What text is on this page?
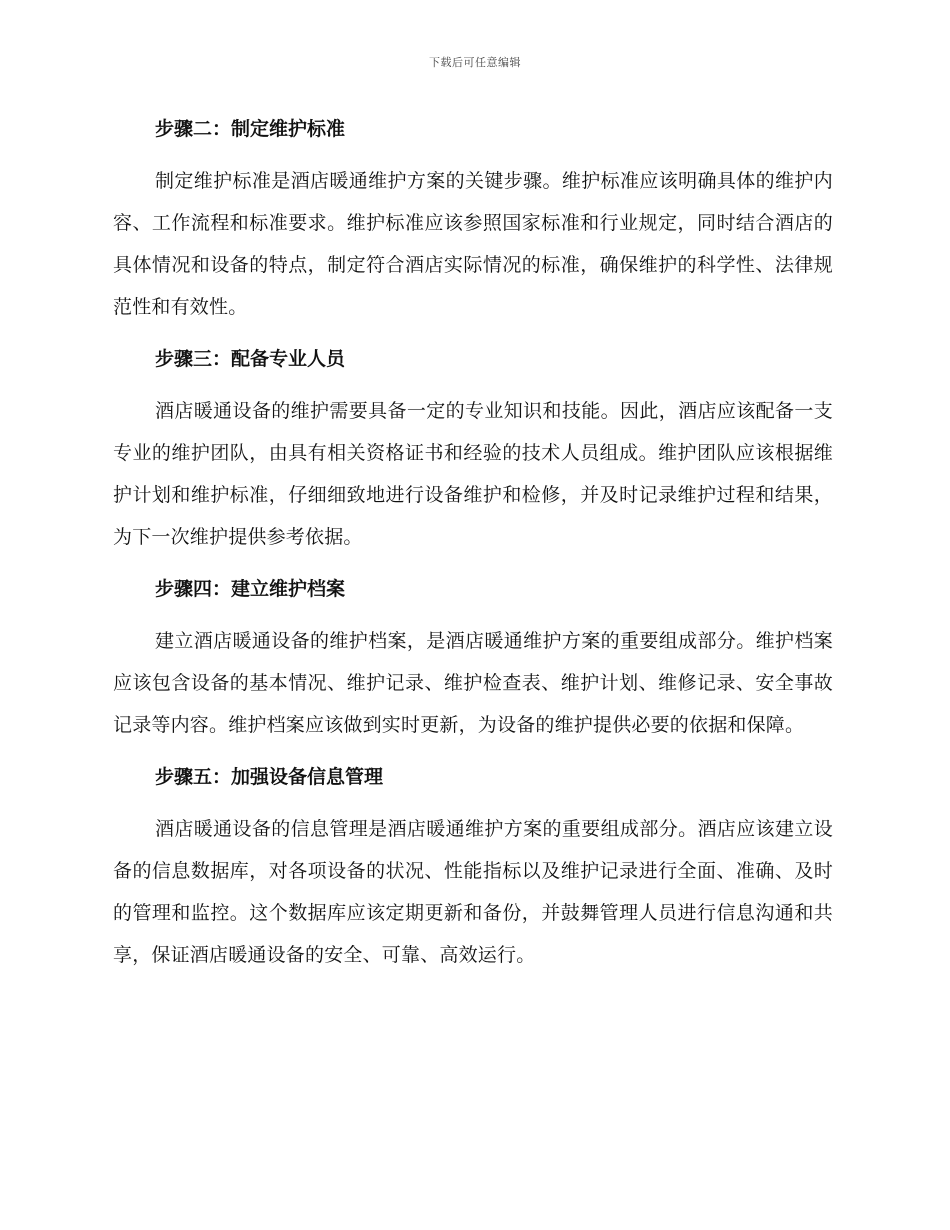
下载后可任意编辑
步骤二：制定维护标准

制定维护标准是酒店暖通维护方案的关键步骤。维护标准应该明确具体的维护内容、工作流程和标准要求。维护标准应该参照国家标准和行业规定，同时结合酒店的具体情况和设备的特点，制定符合酒店实际情况的标准，确保维护的科学性、法律规范性和有效性。

步骤三：配备专业人员

酒店暖通设备的维护需要具备一定的专业知识和技能。因此，酒店应该配备一支专业的维护团队，由具有相关资格证书和经验的技术人员组成。维护团队应该根据维护计划和维护标准，仔细细致地进行设备维护和检修，并及时记录维护过程和结果，为下一次维护提供参考依据。

步骤四：建立维护档案

建立酒店暖通设备的维护档案，是酒店暖通维护方案的重要组成部分。维护档案应该包含设备的基本情况、维护记录、维护检查表、维护计划、维修记录、安全事故记录等内容。维护档案应该做到实时更新，为设备的维护提供必要的依据和保障。

步骤五：加强设备信息管理

酒店暖通设备的信息管理是酒店暖通维护方案的重要组成部分。酒店应该建立设备的信息数据库，对各项设备的状况、性能指标以及维护记录进行全面、准确、及时的管理和监控。这个数据库应该定期更新和备份，并鼓舞管理人员进行信息沟通和共享，保证酒店暖通设备的安全、可靠、高效运行。
